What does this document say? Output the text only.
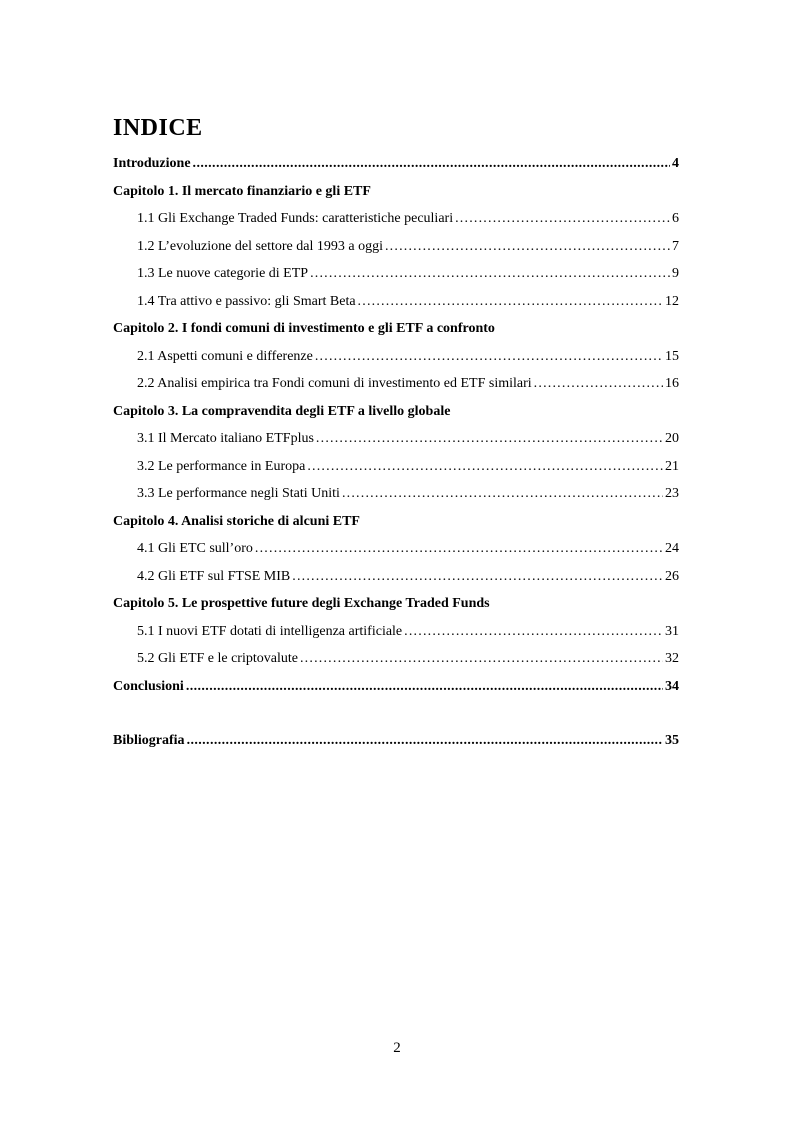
INDICE
Introduzione .....	4
Capitolo 1. Il mercato finanziario e gli ETF
1.1 Gli Exchange Traded Funds: caratteristiche peculiari .....	6
1.2 L’evoluzione del settore dal 1993 a oggi .....	7
1.3 Le nuove categorie di ETP .....	9
1.4 Tra attivo e passivo: gli Smart Beta .....	12
Capitolo 2. I fondi comuni di investimento e gli ETF a confronto
2.1 Aspetti comuni e differenze .....	15
2.2 Analisi empirica tra Fondi comuni di investimento ed ETF similari .....	16
Capitolo 3. La compravendita degli ETF a livello globale
3.1 Il Mercato italiano ETFplus .....	20
3.2 Le performance in Europa .....	21
3.3 Le performance negli Stati Uniti .....	23
Capitolo 4. Analisi storiche di alcuni ETF
4.1 Gli ETC sull’oro .....	24
4.2 Gli ETF sul FTSE MIB .....	26
Capitolo 5. Le prospettive future degli Exchange Traded Funds
5.1 I nuovi ETF dotati di intelligenza artificiale .....	31
5.2 Gli ETF e le criptovalute .....	32
Conclusioni .....	34
Bibliografia .....	35
2
